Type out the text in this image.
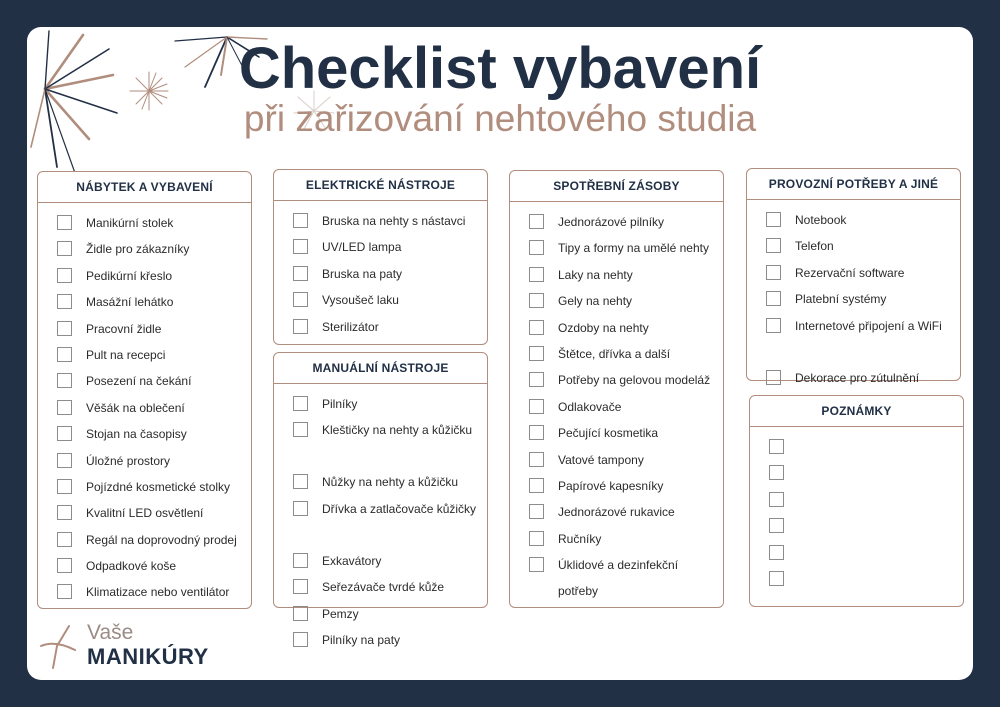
Checklist vybavení
při zařizování nehtového studia
NÁBYTEK A VYBAVENÍ
Manikúrní stolek
Židle pro zákazníky
Pedikúrní křeslo
Masážní lehátko
Pracovní židle
Pult na recepci
Posezení na čekání
Věšák na oblečení
Stojan na časopisy
Úložné prostory
Pojízdné kosmetické stolky
Kvalitní LED osvětlení
Regál na doprovodný prodej
Odpadkové koše
Klimatizace nebo ventilátor
ELEKTRICKÉ NÁSTROJE
Bruska na nehty s nástavci
UV/LED lampa
Bruska na paty
Vysoušeč laku
Sterilizátor
MANUÁLNÍ NÁSTROJE
Pilníky
Kleštičky na nehty a kůžičku
Nůžky na nehty a kůžičku
Dřívka a zatlačovače kůžičky
Exkavátory
Seřezávače tvrdé kůže
Pemzy
Pilníky na paty
SPOTŘEBNÍ ZÁSOBY
Jednorázové pilníky
Tipy a formy na umělé nehty
Laky na nehty
Gely na nehty
Ozdoby na nehty
Štětce, dřívka a další
Potřeby na gelovou modeláž
Odlakovače
Pečující kosmetika
Vatové tampony
Papírové kapesníky
Jednorázové rukavice
Ručníky
Úklidové a dezinfekční potřeby
PROVOZNÍ POTŘEBY A JINÉ
Notebook
Telefon
Rezervační software
Platební systémy
Internetové připojení a WiFi
Dekorace pro zútulnění
POZNÁMKY
Vaše
MANIKÚRY
